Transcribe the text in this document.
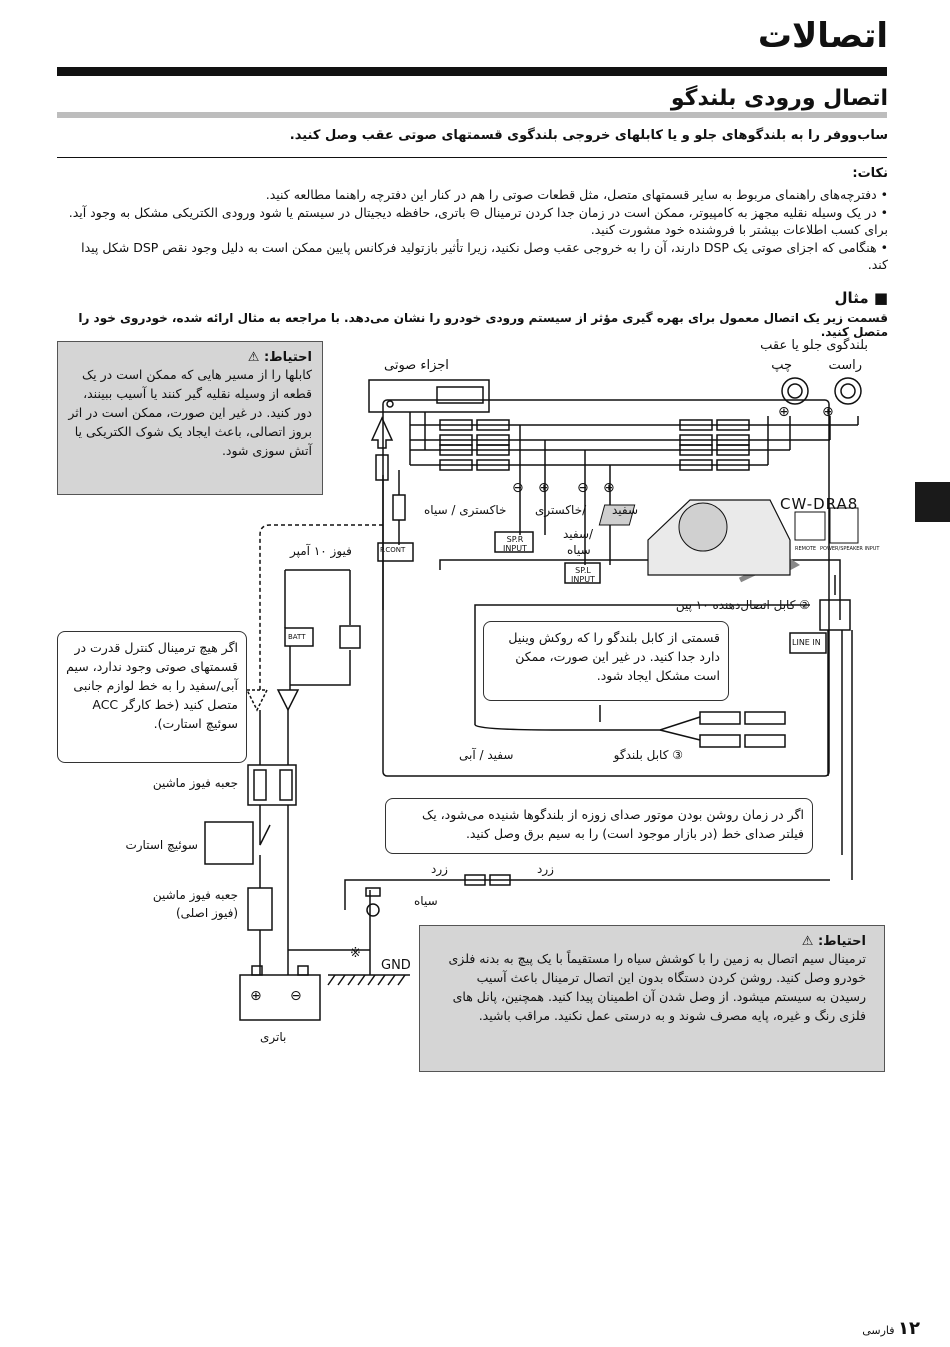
اتصالات
اتصال ورودی بلندگو
ساب‌ووفر را به بلندگوهای جلو و یا کابلهای خروجی بلندگوی قسمتهای صوتی عقب وصل کنید.
نکات:
• دفترچه‌های راهنمای مربوط به سایر قسمتهای متصل، مثل قطعات صوتی را هم در کنار این دفترچه راهنما مطالعه کنید.
• در یک وسیله نقلیه مجهز به کامپیوتر، ممکن است در زمان جدا کردن ترمینال ⊖ باتری، حافظه دیجیتال در سیستم یا شود ورودی الکتریکی مشکل به وجود آید. برای کسب اطلاعات بیشتر با فروشنده خود مشورت کنید.
• هنگامی که اجزای صوتی یک DSP دارند، آن را به خروجی عقب وصل نکنید، زیرا تأثیر بازتولید فرکانس پایین ممکن است به دلیل وجود نقص DSP شکل پیدا کند.
■ مثال
قسمت زیر یک اتصال معمول برای بهره گیری مؤثر از سیستم ورودی خودرو را نشان می‌دهد. با مراجعه به مثال ارائه شده، خودروی خود را متصل کنید.
بلندگوی جلو یا عقب
راست
چپ
اجزاء صوتی
⊕ ⊕
⊖ ⊕ ⊖ ⊕
خاکستری / سیاه خاکستری/ سفید
سفید/
سیاه
SP.R INPUT
SP.L INPUT
CW-DRA8
REMOTE POWER/SPEAKER INPUT
② کابل اتصال‌دهنده ۱۰ پین
LINE IN
قسمتی از کابل بلندگو را که روکش وینیل دارد جدا کنید. در غیر این صورت، ممکن است مشکل ایجاد شود.
سفید / آبی	③ کابل بلندگو
P.CONT
BATT
فیوز ۱۰ آمپر
اگر هیچ ترمینال کنترل قدرت در قسمتهای صوتی وجود ندارد، سیم آبی/سفید را به خط لوازم جانبی متصل کنید (خط کارگر ACC سوئیچ استارت).
جعبه فیوز ماشین
سوئیچ استارت
جعبه فیوز ماشین
(فیوز اصلی)
باتری
⊕ ⊖
اگر در زمان روشن بودن موتور صدای زوزه از بلندگوها شنیده می‌شود، یک فیلتر صدای خط (در بازار موجود است) را به سیم برق وصل کنید.
زرد	زرد
سیاه
GND
※
احتیاط: ⚠
کابلها را از مسیر هایی که ممکن است در یک قطعه از وسیله نقلیه گیر کنند یا آسیب ببینند، دور کنید. در غیر این صورت، ممکن است در اثر بروز اتصالی، باعث ایجاد یک شوک الکتریکی یا آتش سوزی شود.
احتیاط: ⚠
ترمینال سیم اتصال به زمین را با کوشش سیاه را مستقیماً با یک پیچ به بدنه فلزی خودرو وصل کنید. روشن کردن دستگاه بدون این اتصال ترمینال باعث آسیب رسیدن به سیستم میشود. از وصل شدن آن اطمینان پیدا کنید. همچنین، پانل های فلزی رنگ و غیره، پایه مصرف شوند و به درستی عمل نکنید. مراقب باشید.
۱۲ فارسی
